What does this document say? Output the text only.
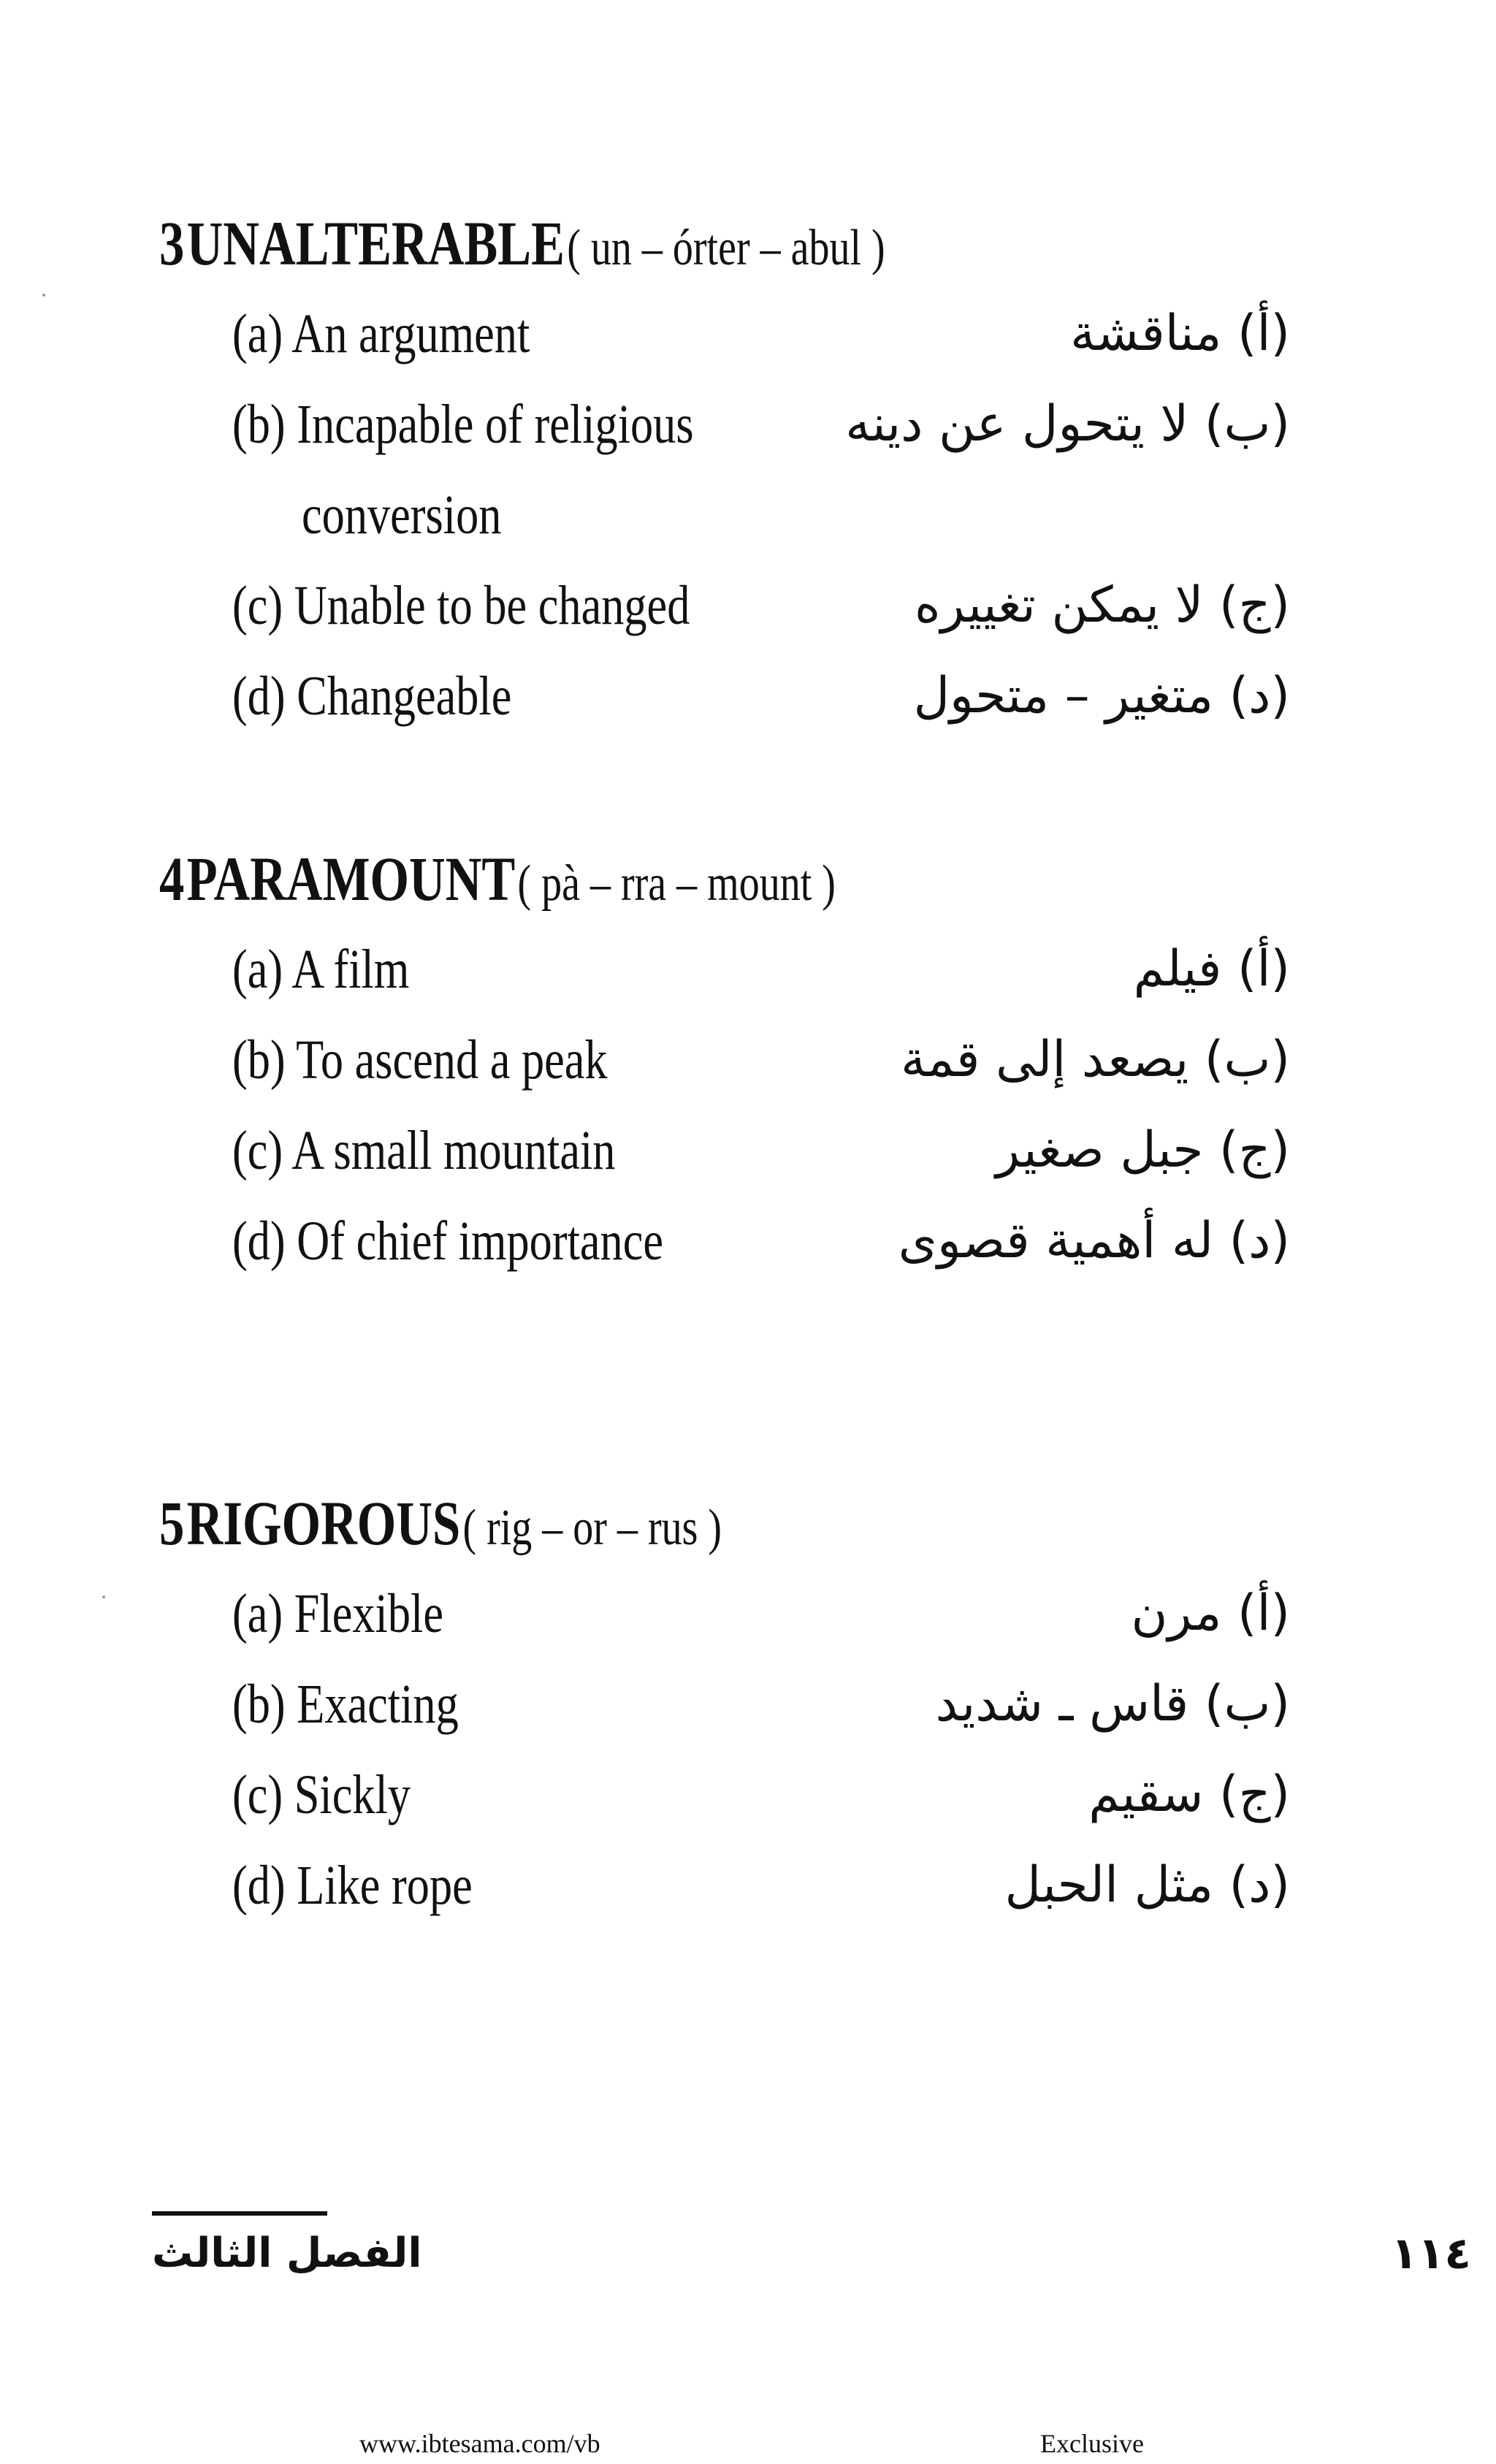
3 UNALTERABLE ( un – órter – abul )
(a) An argument	(أ) مناقشة
(b) Incapable of religious	(ب) لا يتحول عن دينه
conversion
(c) Unable to be changed	(ج) لا يمكن تغييره
(d) Changeable	(د) متغير – متحول
4 PARAMOUNT ( pà – rra – mount )
(a) A film	(أ) فيلم
(b) To ascend a peak	(ب) يصعد إلى قمة
(c) A small mountain	(ج) جبل صغير
(d) Of chief importance	(د) له أهمية قصوى
5 RIGOROUS ( rig – or – rus )
(a) Flexible	(أ) مرن
(b) Exacting	(ب) قاس ـ شديد
(c) Sickly	(ج) سقيم
(d) Like rope	(د) مثل الحبل
الفصل الثالث	١١٤
www.ibtesama.com/vb	Exclusive
